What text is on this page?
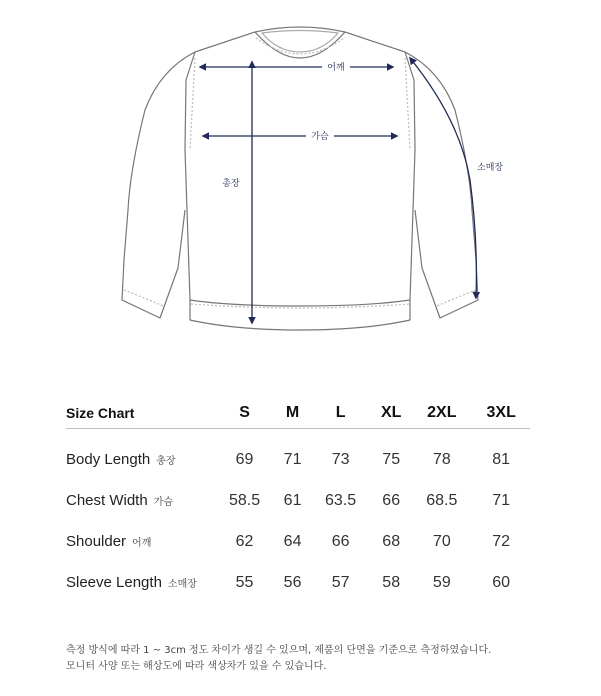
어깨
가슴
총장
소매장
Size Chart	S	M	L	XL	2XL	3XL
Body Length 총장	69	71	73	75	78	81
Chest Width 가슴	58.5	61	63.5	66	68.5	71
Shoulder 어깨	62	64	66	68	70	72
Sleeve Length 소매장	55	56	57	58	59	60

측정 방식에 따라 1 ~ 3cm 정도 차이가 생길 수 있으며, 제품의 단면을 기준으로 측정하였습니다.

모니터 사양 또는 해상도에 따라 색상차가 있을 수 있습니다.
